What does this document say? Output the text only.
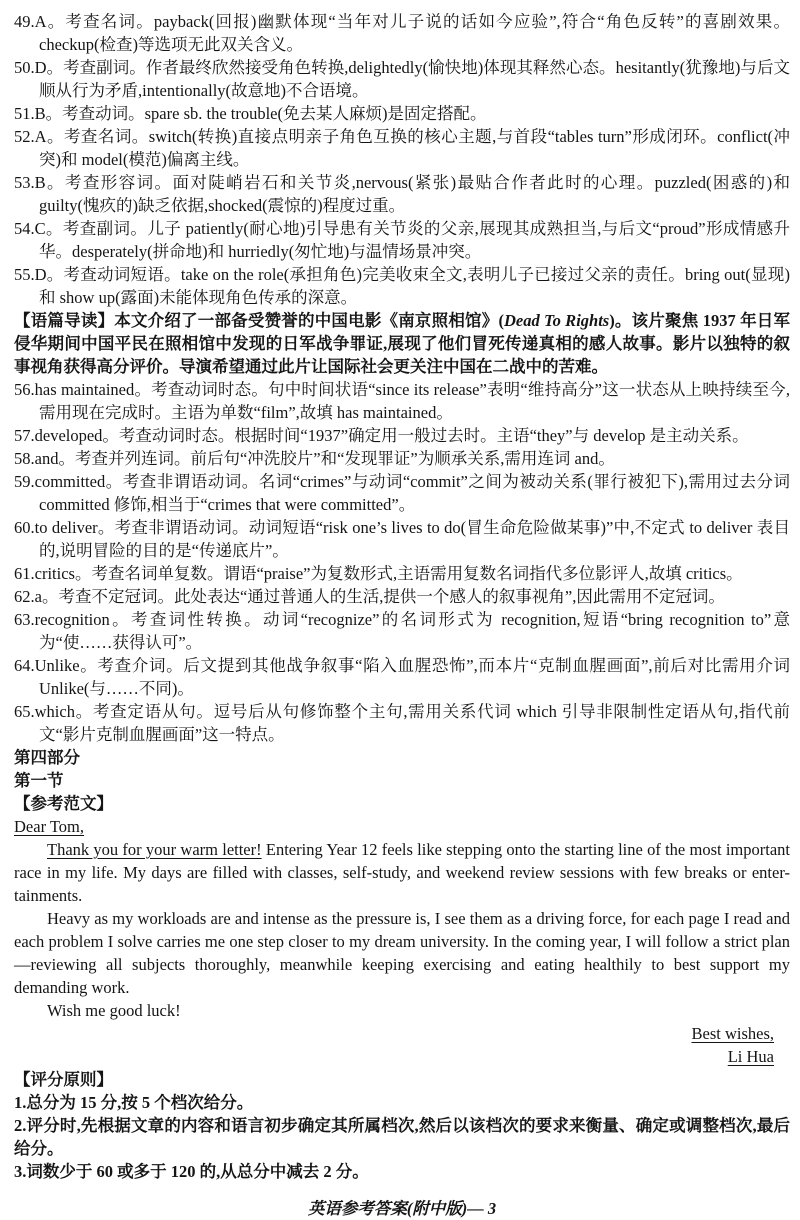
49.A。考查名词。payback(回报)幽默体现“当年对儿子说的话如今应验”,符合“角色反转”的喜剧效果。checkup(检查)等选项无此双关含义。

50.D。考查副词。作者最终欣然接受角色转换,delightedly(愉快地)体现其释然心态。hesitantly(犹豫地)与后文顺从行为矛盾,intentionally(故意地)不合语境。

51.B。考查动词。spare sb. the trouble(免去某人麻烦)是固定搭配。

52.A。考查名词。switch(转换)直接点明亲子角色互换的核心主题,与首段“tables turn”形成闭环。conflict(冲突)和 model(模范)偏离主线。

53.B。考查形容词。面对陡峭岩石和关节炎,nervous(紧张)最贴合作者此时的心理。puzzled(困惑的)和 guilty(愧疚的)缺乏依据,shocked(震惊的)程度过重。

54.C。考查副词。儿子 patiently(耐心地)引导患有关节炎的父亲,展现其成熟担当,与后文“proud”形成情感升华。desperately(拼命地)和 hurriedly(匆忙地)与温情场景冲突。

55.D。考查动词短语。take on the role(承担角色)完美收束全文,表明儿子已接过父亲的责任。bring out(显现)和 show up(露面)未能体现角色传承的深意。

【语篇导读】本文介绍了一部备受赞誉的中国电影《南京照相馆》(Dead To Rights)。该片聚焦 1937 年日军侵华期间中国平民在照相馆中发现的日军战争罪证,展现了他们冒死传递真相的感人故事。影片以独特的叙事视角获得高分评价。导演希望通过此片让国际社会更关注中国在二战中的苦难。

56.has maintained。考查动词时态。句中时间状语“since its release”表明“维持高分”这一状态从上映持续至今,需用现在完成时。主语为单数“film”,故填 has maintained。

57.developed。考查动词时态。根据时间“1937”确定用一般过去时。主语“they”与 develop 是主动关系。

58.and。考查并列连词。前后句“冲洗胶片”和“发现罪证”为顺承关系,需用连词 and。

59.committed。考查非谓语动词。名词“crimes”与动词“commit”之间为被动关系(罪行被犯下),需用过去分词 committed 修饰,相当于“crimes that were committed”。

60.to deliver。考查非谓语动词。动词短语“risk one’s lives to do(冒生命危险做某事)”中,不定式 to deliver 表目的,说明冒险的目的是“传递底片”。

61.critics。考查名词单复数。谓语“praise”为复数形式,主语需用复数名词指代多位影评人,故填 critics。

62.a。考查不定冠词。此处表达“通过普通人的生活,提供一个感人的叙事视角”,因此需用不定冠词。

63.recognition。考查词性转换。动词“recognize”的名词形式为 recognition,短语“bring recognition to”意为“使……获得认可”。

64.Unlike。考查介词。后文提到其他战争叙事“陷入血腥恐怖”,而本片“克制血腥画面”,前后对比需用介词 Unlike(与……不同)。

65.which。考查定语从句。逗号后从句修饰整个主句,需用关系代词 which 引导非限制性定语从句,指代前文“影片克制血腥画面”这一特点。

第四部分

第一节

【参考范文】

Dear Tom,

Thank you for your warm letter! Entering Year 12 feels like stepping onto the starting line of the most important race in my life. My days are filled with classes, self-study, and weekend review sessions with few breaks or enter-tainments.

Heavy as my workloads are and intense as the pressure is, I see them as a driving force, for each page I read and each problem I solve carries me one step closer to my dream university. In the coming year, I will follow a strict plan—reviewing all subjects thoroughly, meanwhile keeping exercising and eating healthily to best support my demanding work.

Wish me good luck!

Best wishes,

Li Hua

【评分原则】

1.总分为 15 分,按 5 个档次给分。

2.评分时,先根据文章的内容和语言初步确定其所属档次,然后以该档次的要求来衡量、确定或调整档次,最后给分。

3.词数少于 60 或多于 120 的,从总分中减去 2 分。

英语参考答案(附中版)— 3
